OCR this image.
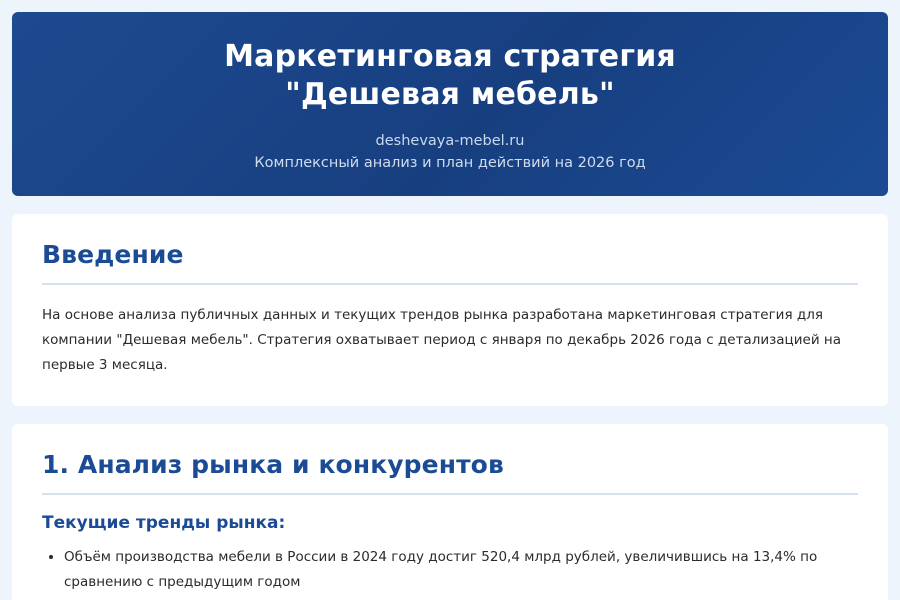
Маркетинговая стратегия
"Дешевая мебель"
deshevaya-mebel.ru
Комплексный анализ и план действий на 2026 год
Введение

На основе анализа публичных данных и текущих трендов рынка разработана маркетинговая стратегия для компании "Дешевая мебель". Стратегия охватывает период с января по декабрь 2026 года с детализацией на первые 3 месяца.

1. Анализ рынка и конкурентов
Текущие тренды рынка:
• Объём производства мебели в России в 2024 году достиг 520,4 млрд рублей, увеличившись на 13,4% по сравнению с предыдущим годом
